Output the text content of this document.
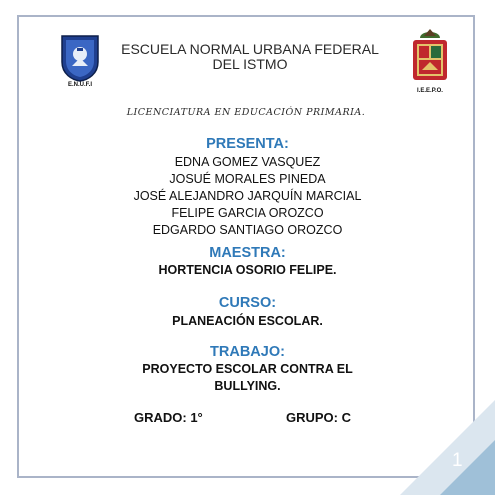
E.N.U.F.I
I.E.E.P.O.
ESCUELA NORMAL URBANA FEDERAL
DEL ISTMO
LICENCIATURA EN EDUCACIÓN PRIMARIA.
PRESENTA:
EDNA GOMEZ VASQUEZ
JOSUÉ MORALES PINEDA
JOSÉ ALEJANDRO JARQUÍN MARCIAL
FELIPE GARCIA OROZCO
EDGARDO SANTIAGO OROZCO
MAESTRA:
HORTENCIA OSORIO FELIPE.
CURSO:
PLANEACIÓN ESCOLAR.
TRABAJO:
PROYECTO ESCOLAR CONTRA EL
BULLYING.
GRADO: 1°	GRUPO: C
1
